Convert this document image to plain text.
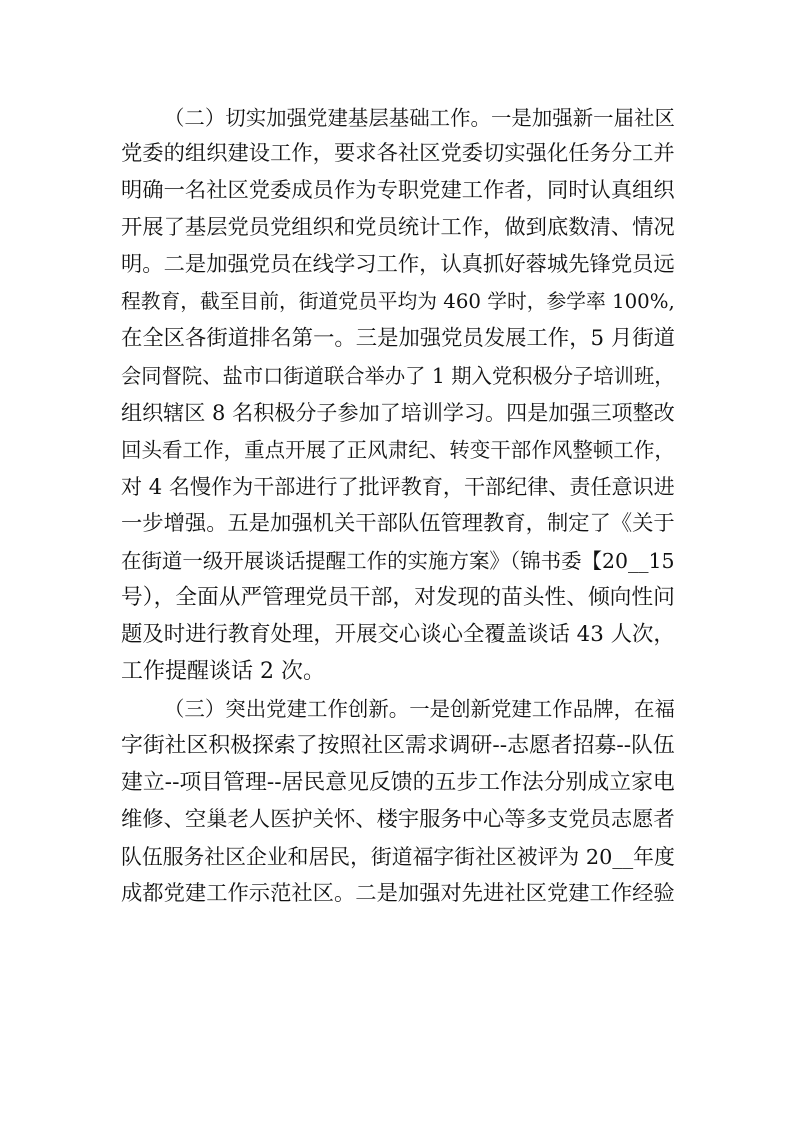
（二）切实加强党建基层基础工作。一是加强新一届社区
党委的组织建设工作，要求各社区党委切实强化任务分工并
明确一名社区党委成员作为专职党建工作者，同时认真组织
开展了基层党员党组织和党员统计工作，做到底数清、情况
明。二是加强党员在线学习工作，认真抓好蓉城先锋党员远
程教育，截至目前，街道党员平均为 460 学时，参学率 100%,
在全区各街道排名第一。三是加强党员发展工作，5 月街道
会同督院、盐市口街道联合举办了 1 期入党积极分子培训班，
组织辖区 8 名积极分子参加了培训学习。四是加强三项整改
回头看工作，重点开展了正风肃纪、转变干部作风整顿工作，
对 4 名慢作为干部进行了批评教育，干部纪律、责任意识进
一步增强。五是加强机关干部队伍管理教育，制定了《关于
在街道一级开展谈话提醒工作的实施方案》（锦书委【20__15
号），全面从严管理党员干部，对发现的苗头性、倾向性问
题及时进行教育处理，开展交心谈心全覆盖谈话 43 人次，
工作提醒谈话 2 次。
（三）突出党建工作创新。一是创新党建工作品牌，在福
字街社区积极探索了按照社区需求调研--志愿者招募--队伍
建立--项目管理--居民意见反馈的五步工作法分别成立家电
维修、空巢老人医护关怀、楼宇服务中心等多支党员志愿者
队伍服务社区企业和居民，街道福字街社区被评为 20__年度
成都党建工作示范社区。二是加强对先进社区党建工作经验
